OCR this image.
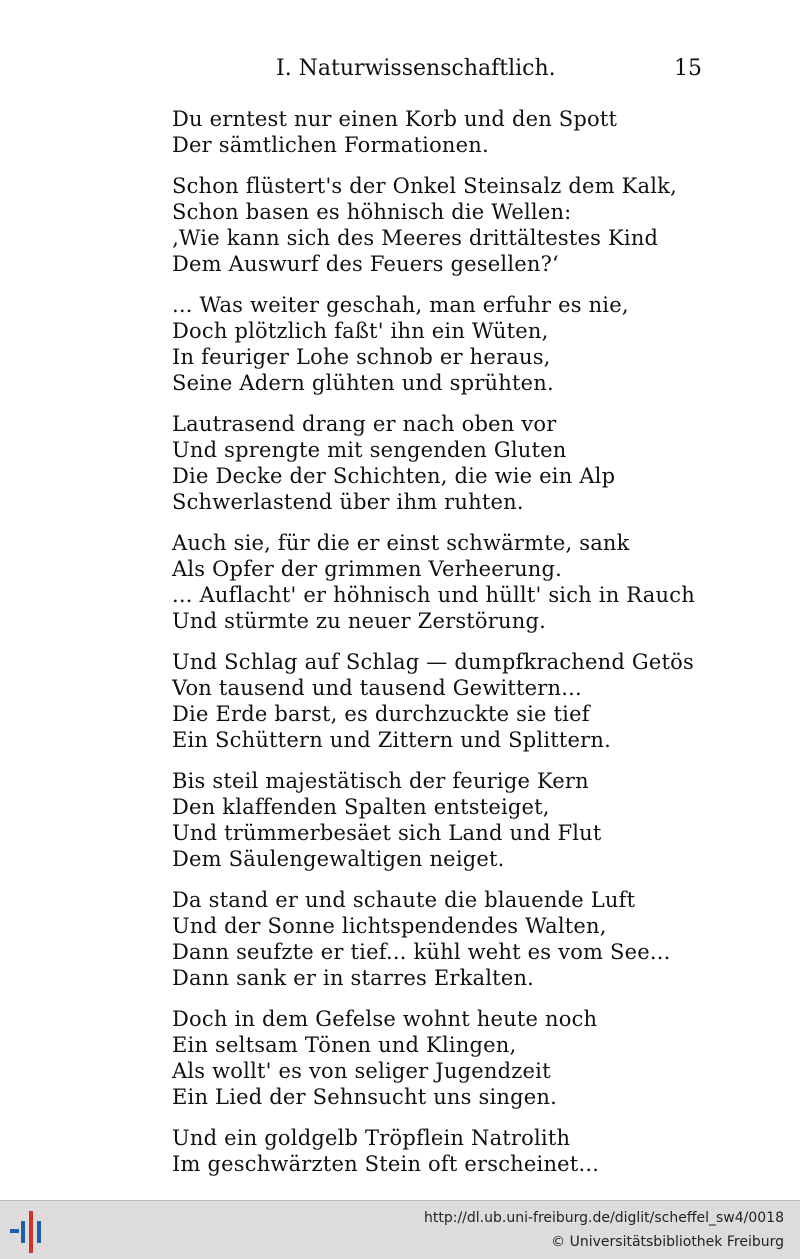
I. Naturwissenschaftlich.	15
Du erntest nur einen Korb und den Spott
Der sämtlichen Formationen.
Schon flüstert's der Onkel Steinsalz dem Kalk,
Schon basen es höhnisch die Wellen:
‚Wie kann sich des Meeres drittältestes Kind
Dem Auswurf des Feuers gesellen?‘
... Was weiter geschah, man erfuhr es nie,
Doch plötzlich faßt' ihn ein Wüten,
In feuriger Lohe schnob er heraus,
Seine Adern glühten und sprühten.
Lautrasend drang er nach oben vor
Und sprengte mit sengenden Gluten
Die Decke der Schichten, die wie ein Alp
Schwerlastend über ihm ruhten.
Auch sie, für die er einst schwärmte, sank
Als Opfer der grimmen Verheerung.
... Auflacht' er höhnisch und hüllt' sich in Rauch
Und stürmte zu neuer Zerstörung.
Und Schlag auf Schlag — dumpfkrachend Getös
Von tausend und tausend Gewittern...
Die Erde barst, es durchzuckte sie tief
Ein Schüttern und Zittern und Splittern.
Bis steil majestätisch der feurige Kern
Den klaffenden Spalten entsteiget,
Und trümmerbesäet sich Land und Flut
Dem Säulengewaltigen neiget.
Da stand er und schaute die blauende Luft
Und der Sonne lichtspendendes Walten,
Dann seufzte er tief... kühl weht es vom See...
Dann sank er in starres Erkalten.
Doch in dem Gefelse wohnt heute noch
Ein seltsam Tönen und Klingen,
Als wollt' es von seliger Jugendzeit
Ein Lied der Sehnsucht uns singen.
Und ein goldgelb Tröpflein Natrolith
Im geschwärzten Stein oft erscheinet...
http://dl.ub.uni-freiburg.de/diglit/scheffel_sw4/0018
© Universitätsbibliothek Freiburg
